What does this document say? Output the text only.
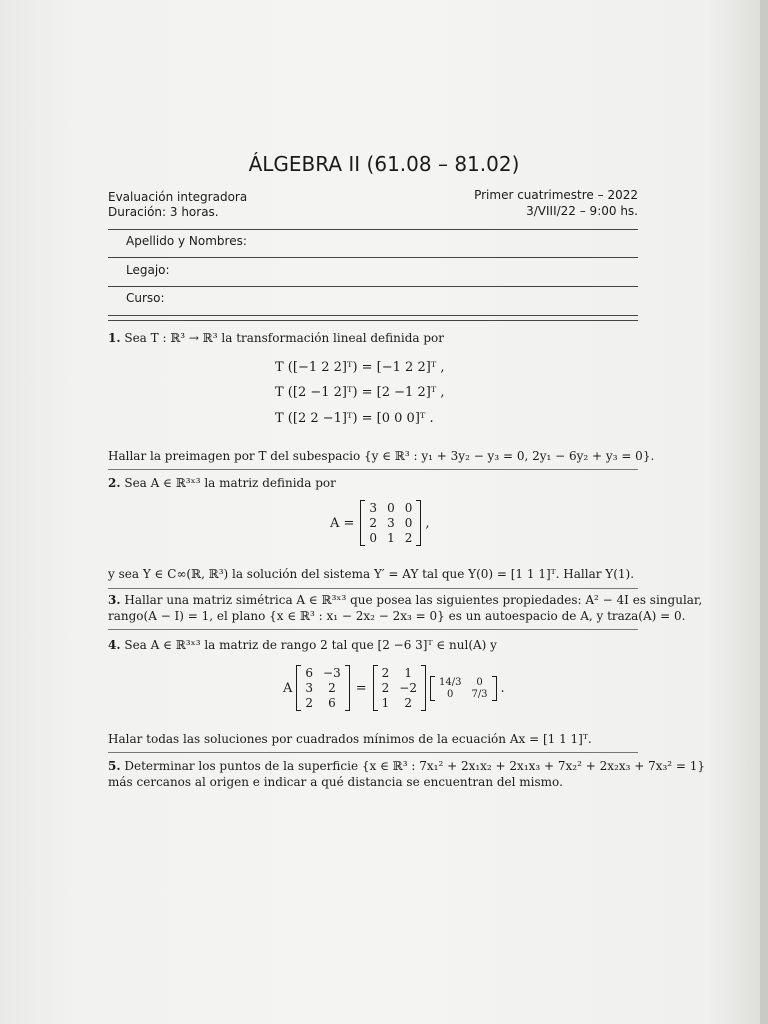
ÁLGEBRA II (61.08 – 81.02)
Evaluación integradora
Duración: 3 horas.
Primer cuatrimestre – 2022
3/VIII/22 – 9:00 hs.
Apellido y Nombres:
Legajo:
Curso:
1. Sea T : ℝ³ → ℝ³ la transformación lineal definida por
T ([−1 2 2]ᵀ) = [−1 2 2]ᵀ ,
T ([2 −1 2]ᵀ) = [2 −1 2]ᵀ ,
T ([2 2 −1]ᵀ) = [0 0 0]ᵀ .
Hallar la preimagen por T del subespacio {y ∈ ℝ³ : y₁ + 3y₂ − y₃ = 0, 2y₁ − 6y₂ + y₃ = 0}.
2. Sea A ∈ ℝ³ˣ³ la matriz definida por
A =
3 0 0
2 3 0
0 1 2
,
y sea Y ∈ C∞(ℝ, ℝ³) la solución del sistema Y′ = AY tal que Y(0) = [1 1 1]ᵀ. Hallar Y(1).
3. Hallar una matriz simétrica A ∈ ℝ³ˣ³ que posea las siguientes propiedades: A² − 4I es singular,
rango(A − I) = 1, el plano {x ∈ ℝ³ : x₁ − 2x₂ − 2x₃ = 0} es un autoespacio de A, y traza(A) = 0.
4. Sea A ∈ ℝ³ˣ³ la matriz de rango 2 tal que [2 −6 3]ᵀ ∈ nul(A) y
A
6 −3
3	2
2	6
=
2	1
2 −2
1	2
14/3	0
0	7/3 .
Halar todas las soluciones por cuadrados mínimos de la ecuación Ax = [1 1 1]ᵀ.
5. Determinar los puntos de la superficie {x ∈ ℝ³ : 7x₁² + 2x₁x₂ + 2x₁x₃ + 7x₂² + 2x₂x₃ + 7x₃² = 1}
más cercanos al origen e indicar a qué distancia se encuentran del mismo.
